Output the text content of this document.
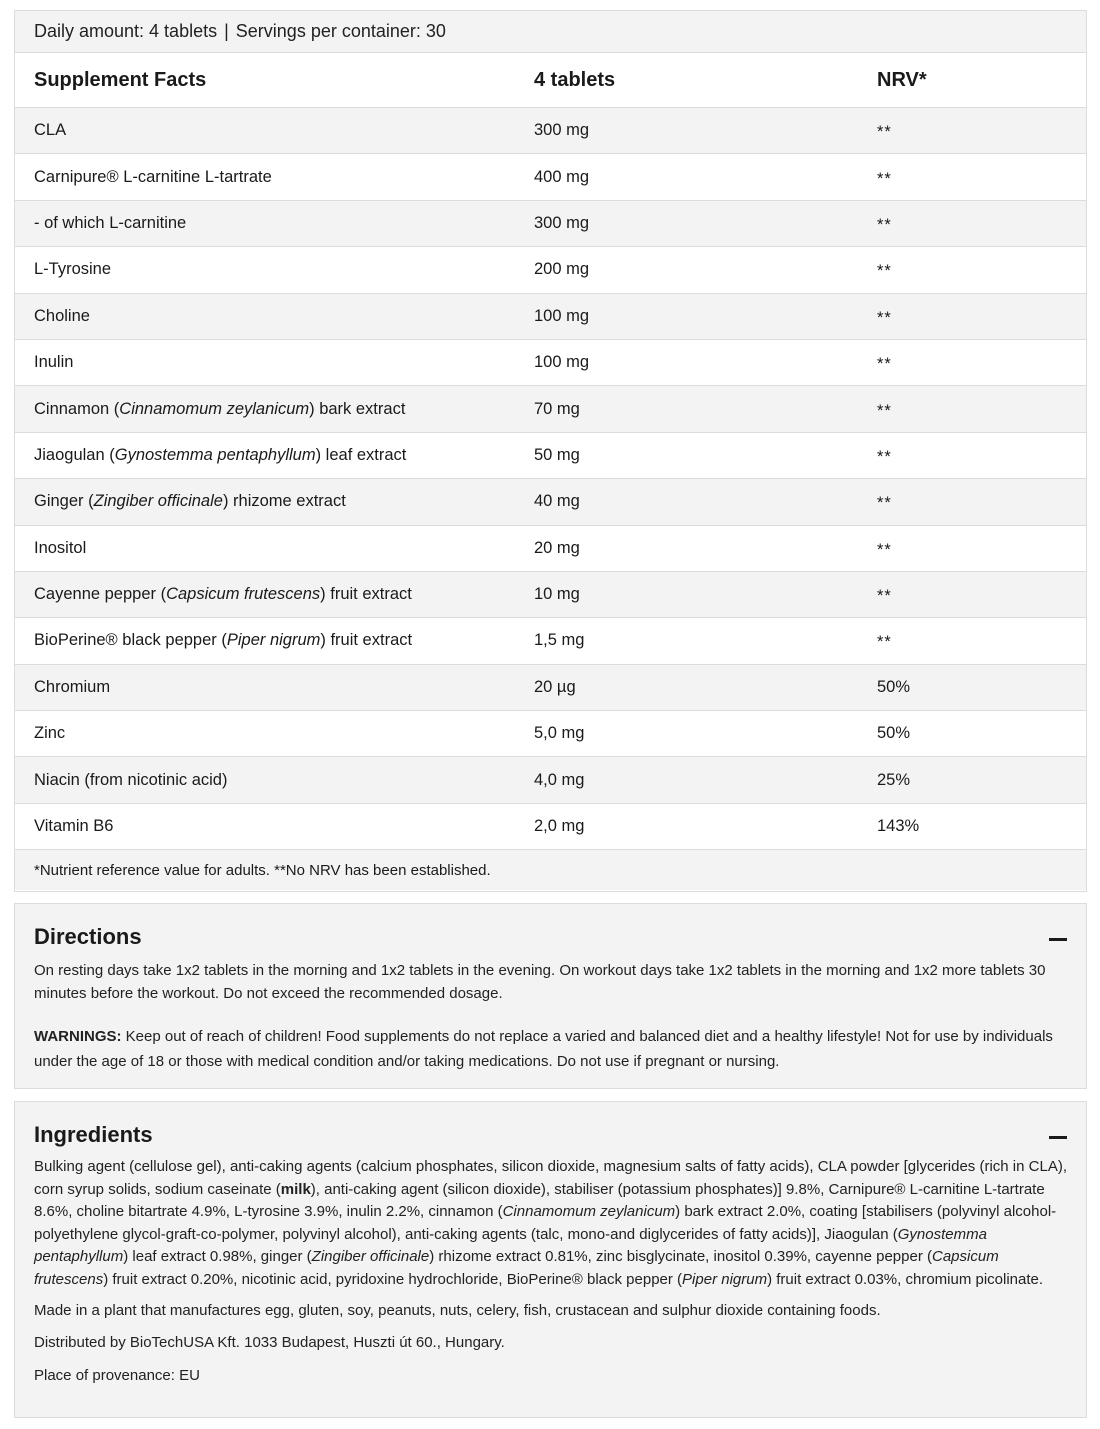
Daily amount: 4 tablets | Servings per container: 30
Supplement Facts	4 tablets	NRV*
CLA	300 mg	**
Carnipure® L-carnitine L-tartrate	400 mg	**
- of which L-carnitine	300 mg	**
L-Tyrosine	200 mg	**
Choline	100 mg	**
Inulin	100 mg	**
Cinnamon (Cinnamomum zeylanicum) bark extract	70 mg	**
Jiaogulan (Gynostemma pentaphyllum) leaf extract	50 mg	**
Ginger (Zingiber officinale) rhizome extract	40 mg	**
Inositol	20 mg	**
Cayenne pepper (Capsicum frutescens) fruit extract	10 mg	**
BioPerine® black pepper (Piper nigrum) fruit extract	1,5 mg	**
Chromium	20 µg	50%
Zinc	5,0 mg	50%
Niacin (from nicotinic acid)	4,0 mg	25%
Vitamin B6	2,0 mg	143%
*Nutrient reference value for adults. **No NRV has been established.
Directions

On resting days take 1x2 tablets in the morning and 1x2 tablets in the evening. On workout days take 1x2 tablets in the morning and 1x2 more tablets 30 minutes before the workout. Do not exceed the recommended dosage.

WARNINGS: Keep out of reach of children! Food supplements do not replace a varied and balanced diet and a healthy lifestyle! Not for use by individuals under the age of 18 or those with medical condition and/or taking medications. Do not use if pregnant or nursing.

Ingredients

Bulking agent (cellulose gel), anti-caking agents (calcium phosphates, silicon dioxide, magnesium salts of fatty acids), CLA powder [glycerides (rich in CLA), corn syrup solids, sodium caseinate (milk), anti-caking agent (silicon dioxide), stabiliser (potassium phosphates)] 9.8%, Carnipure® L-carnitine L-tartrate 8.6%, choline bitartrate 4.9%, L-tyrosine 3.9%, inulin 2.2%, cinnamon (Cinnamomum zeylanicum) bark extract 2.0%, coating [stabilisers (polyvinyl alcohol-polyethylene glycol-graft-co-polymer, polyvinyl alcohol), anti-caking agents (talc, mono-and diglycerides of fatty acids)], Jiaogulan (Gynostemma pentaphyllum) leaf extract 0.98%, ginger (Zingiber officinale) rhizome extract 0.81%, zinc bisglycinate, inositol 0.39%, cayenne pepper (Capsicum frutescens) fruit extract 0.20%, nicotinic acid, pyridoxine hydrochloride, BioPerine® black pepper (Piper nigrum) fruit extract 0.03%, chromium picolinate.

Made in a plant that manufactures egg, gluten, soy, peanuts, nuts, celery, fish, crustacean and sulphur dioxide containing foods.

Distributed by BioTechUSA Kft. 1033 Budapest, Huszti út 60., Hungary.

Place of provenance: EU
